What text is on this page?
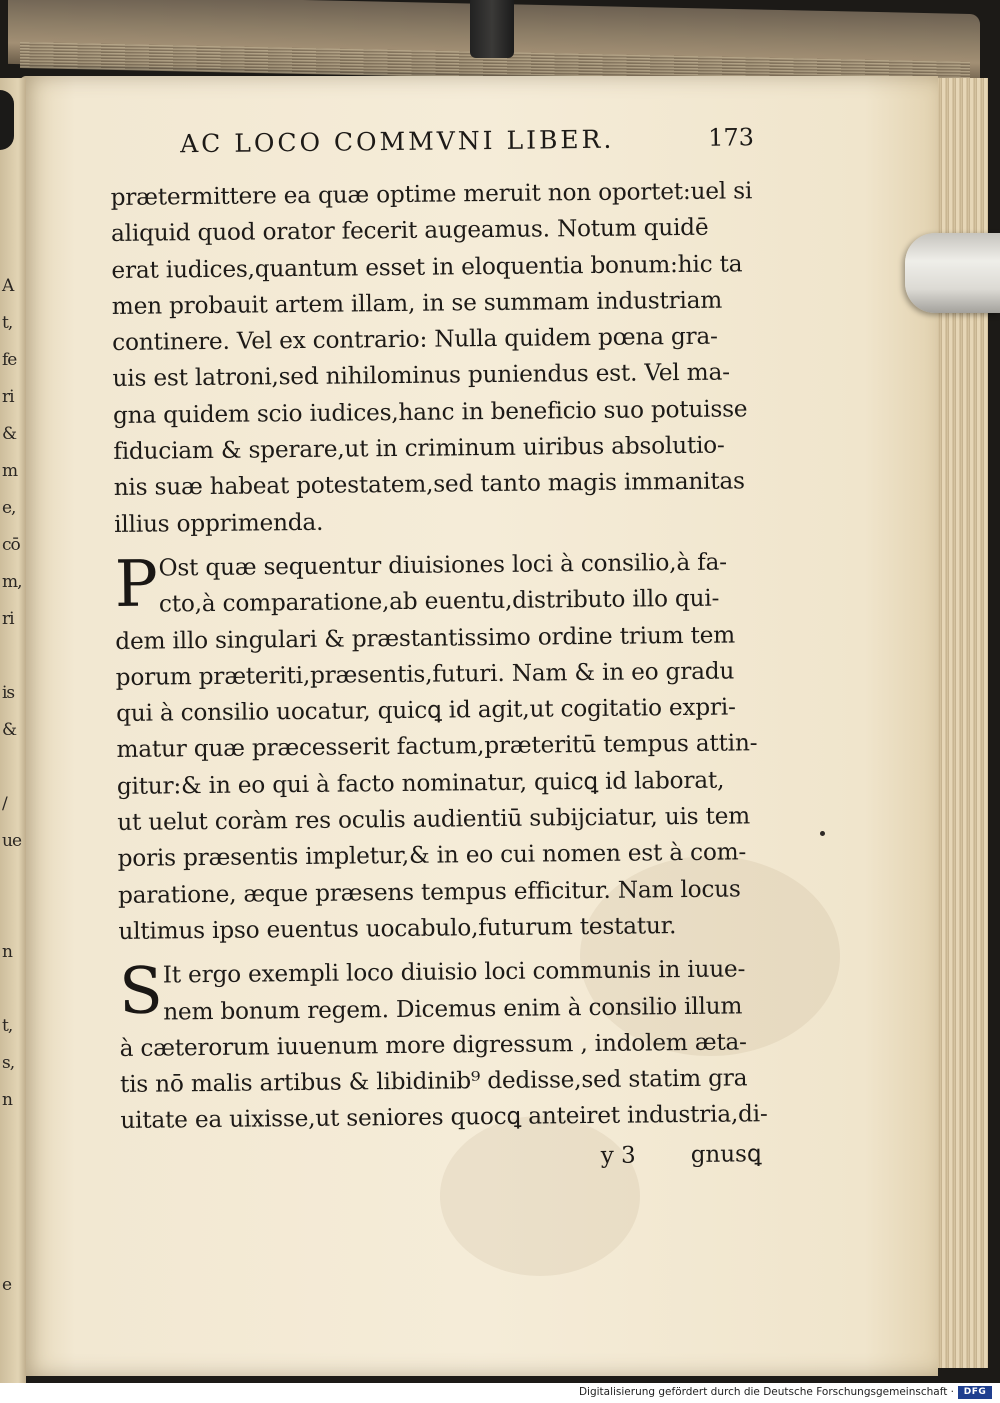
A
t,
fe
ri
&
m
e,
cō
m,
ri

is
&

/
ue

n

t,
s,
n

e
AC LOCO COMMVNI LIBER.	173
prætermittere ea quæ optime meruit non oportet:uel si
aliquid quod orator fecerit augeamus. Notum quidē
erat iudices,quantum esset in eloquentia bonum:hic ta
men probauit artem illam, in se summam industriam
continere. Vel ex contrario: Nulla quidem pœna gra-
uis est latroni,sed nihilominus puniendus est. Vel ma-
gna quidem scio iudices,hanc in beneficio suo potuisse
fiduciam & sperare,ut in criminum uiribus absolutio-
nis suæ habeat potestatem,sed tanto magis immanitas
illius opprimenda.
P Ost quæ sequentur diuisiones loci à consilio,à fa-
cto,à comparatione,ab euentu,distributo illo qui-
dem illo singulari & præstantissimo ordine trium tem
porum præteriti,præsentis,futuri. Nam & in eo gradu
qui à consilio uocatur, quicꝗ id agit,ut cogitatio expri-
matur quæ præcesserit factum,præteritū tempus attin-
gitur:& in eo qui à facto nominatur, quicꝗ id laborat,
ut uelut coràm res oculis audientiū subijciatur, uis tem
poris præsentis impletur,& in eo cui nomen est à com-
paratione, æque præsens tempus efficitur. Nam locus
ultimus ipso euentus uocabulo,futurum testatur.
S It ergo exempli loco diuisio loci communis in iuue-
nem bonum regem. Dicemus enim à consilio illum
à cæterorum iuuenum more digressum , indolem æta-
tis nō malis artibus & libidinib⁹ dedisse,sed statim gra
uitate ea uixisse,ut seniores quocꝗ anteiret industria,di-
y 3 gnusꝗ
Digitalisierung gefördert durch die Deutsche Forschungsgemeinschaft ·	DFG
